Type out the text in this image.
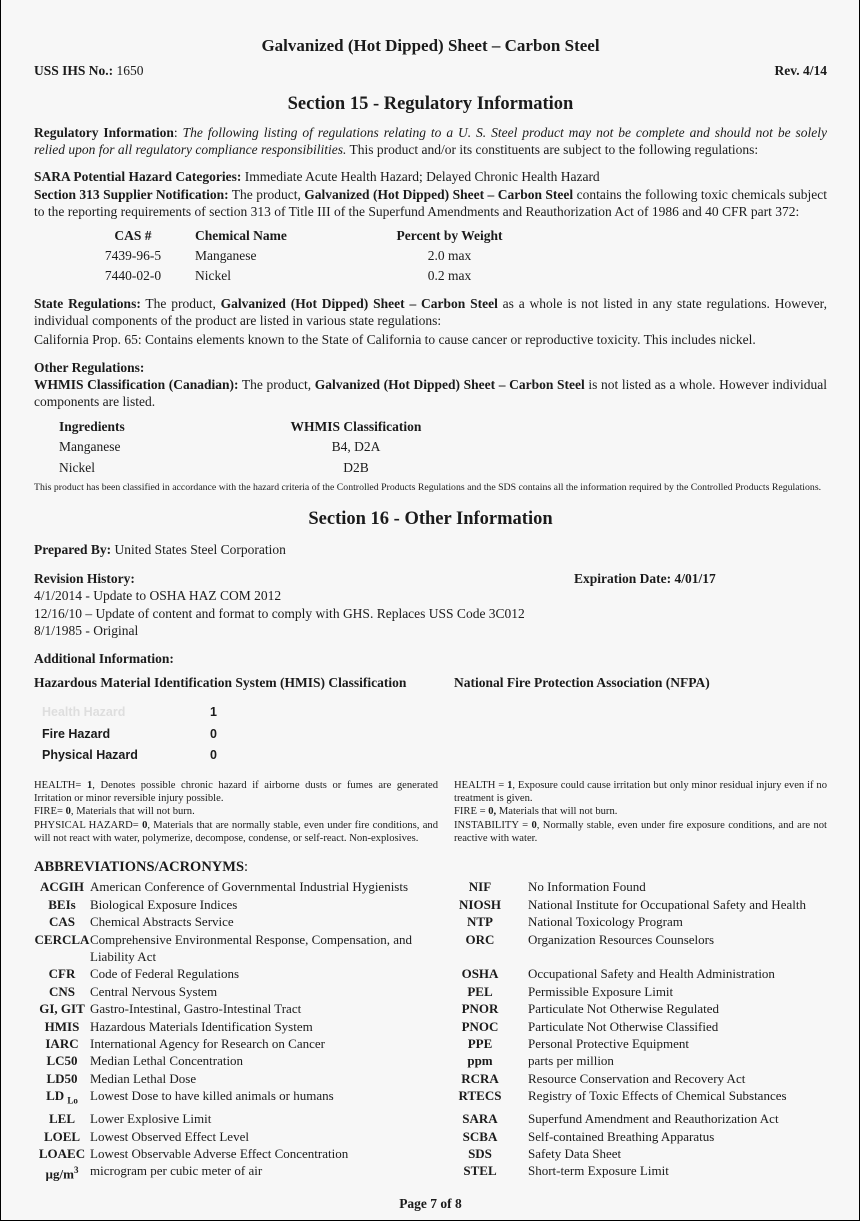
Galvanized (Hot Dipped) Sheet – Carbon Steel
USS IHS No.: 1650	Rev. 4/14
Section 15 - Regulatory Information

Regulatory Information: The following listing of regulations relating to a U. S. Steel product may not be complete and should not be solely relied upon for all regulatory compliance responsibilities. This product and/or its constituents are subject to the following regulations:

SARA Potential Hazard Categories: Immediate Acute Health Hazard; Delayed Chronic Health Hazard

Section 313 Supplier Notification: The product, Galvanized (Hot Dipped) Sheet – Carbon Steel contains the following toxic chemicals subject to the reporting requirements of section 313 of Title III of the Superfund Amendments and Reauthorization Act of 1986 and 40 CFR part 372:

CAS #	Chemical Name	Percent by Weight
7439-96-5	Manganese	2.0 max
7440-02-0	Nickel	0.2 max

State Regulations: The product, Galvanized (Hot Dipped) Sheet – Carbon Steel as a whole is not listed in any state regulations. However, individual components of the product are listed in various state regulations:

California Prop. 65: Contains elements known to the State of California to cause cancer or reproductive toxicity. This includes nickel.

Other Regulations:

WHMIS Classification (Canadian): The product, Galvanized (Hot Dipped) Sheet – Carbon Steel is not listed as a whole. However individual components are listed.

Ingredients	WHMIS Classification
Manganese	B4, D2A
Nickel	D2B

This product has been classified in accordance with the hazard criteria of the Controlled Products Regulations and the SDS contains all the information required by the Controlled Products Regulations.

Section 16 - Other Information

Prepared By: United States Steel Corporation

Revision History:	Expiration Date: 4/01/17
4/1/2014 - Update to OSHA HAZ COM 2012
12/16/10 – Update of content and format to comply with GHS. Replaces USS Code 3C012
8/1/1985 - Original

Additional Information:

Hazardous Material Identification System (HMIS) Classification	National Fire Protection Association (NFPA)
Health Hazard	1
Fire Hazard	0
Physical Hazard	0

HEALTH= 1, Denotes possible chronic hazard if airborne dusts or fumes are generated Irritation or minor reversible injury possible.

FIRE= 0, Materials that will not burn.

PHYSICAL HAZARD= 0, Materials that are normally stable, even under fire conditions, and will not react with water, polymerize, decompose, condense, or self-react. Non-explosives.

HEALTH = 1, Exposure could cause irritation but only minor residual injury even if no treatment is given.

FIRE = 0, Materials that will not burn.

INSTABILITY = 0, Normally stable, even under fire exposure conditions, and are not reactive with water.

ABBREVIATIONS/ACRONYMS:

ACGIH	American Conference of Governmental Industrial Hygienists	NIF	No Information Found
BEIs	Biological Exposure Indices	NIOSH	National Institute for Occupational Safety and Health
CAS	Chemical Abstracts Service	NTP	National Toxicology Program
CERCLA	Comprehensive Environmental Response, Compensation, and Liability Act	ORC	Organization Resources Counselors
CFR	Code of Federal Regulations	OSHA	Occupational Safety and Health Administration
CNS	Central Nervous System	PEL	Permissible Exposure Limit
GI, GIT	Gastro-Intestinal, Gastro-Intestinal Tract	PNOR	Particulate Not Otherwise Regulated
HMIS	Hazardous Materials Identification System	PNOC	Particulate Not Otherwise Classified
IARC	International Agency for Research on Cancer	PPE	Personal Protective Equipment
LC50	Median Lethal Concentration	ppm	parts per million
LD50	Median Lethal Dose	RCRA	Resource Conservation and Recovery Act
LD $_{Lo}$	Lowest Dose to have killed animals or humans	RTECS	Registry of Toxic Effects of Chemical Substances
LEL	Lower Explosive Limit	SARA	Superfund Amendment and Reauthorization Act
LOEL	Lowest Observed Effect Level	SCBA	Self-contained Breathing Apparatus
LOAEC	Lowest Observable Adverse Effect Concentration	SDS	Safety Data Sheet
$\mu g/m^3$	microgram per cubic meter of air	STEL	Short-term Exposure Limit
Page 7 of 8
